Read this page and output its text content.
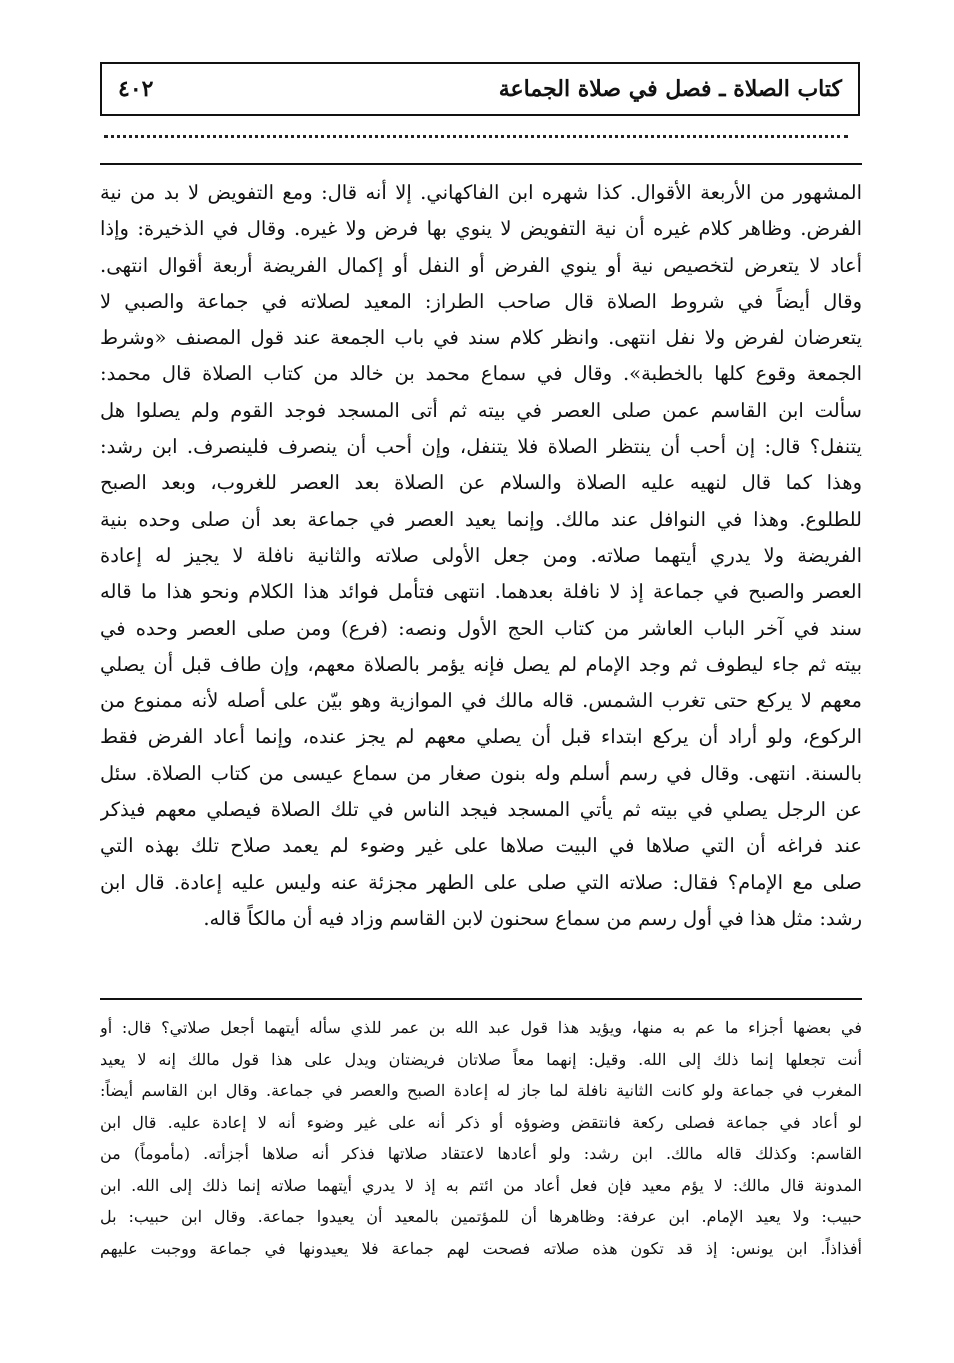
٤٠٢	كتاب الصلاة ـ فصل في صلاة الجماعة
المشهور من الأربعة الأقوال. كذا شهره ابن الفاكهاني. إلا أنه قال: ومع التفويض لا بد من نية
الفرض. وظاهر كلام غيره أن نية التفويض لا ينوي بها فرض ولا غيره. وقال في الذخيرة: وإذا
أعاد لا يتعرض لتخصيص نية أو ينوي الفرض أو النفل أو إكمال الفريضة أربعة أقوال انتهى.
وقال أيضاً في شروط الصلاة قال صاحب الطراز: المعيد لصلاته في جماعة والصبي لا
يتعرضان لفرض ولا نفل انتهى. وانظر كلام سند في باب الجمعة عند قول المصنف «وشرط
الجمعة وقوع كلها بالخطبة». وقال في سماع محمد بن خالد من كتاب الصلاة قال محمد:
سألت ابن القاسم عمن صلى العصر في بيته ثم أتى المسجد فوجد القوم ولم يصلوا هل
يتنفل؟ قال: إن أحب أن ينتظر الصلاة فلا يتنفل، وإن أحب أن ينصرف فلينصرف. ابن رشد:
وهذا كما قال لنهيه عليه الصلاة والسلام عن الصلاة بعد العصر للغروب، وبعد الصبح
للطلوع. وهذا في النوافل عند مالك. وإنما يعيد العصر في جماعة بعد أن صلى وحده بنية
الفريضة ولا يدري أيتهما صلاته. ومن جعل الأولى صلاته والثانية نافلة لا يجيز له إعادة
العصر والصبح في جماعة إذ لا نافلة بعدهما. انتهى فتأمل فوائد هذا الكلام ونحو هذا ما قاله
سند في آخر الباب العاشر من كتاب الحج الأول ونصه: (فرع) ومن صلى العصر وحده في
بيته ثم جاء ليطوف ثم وجد الإمام لم يصل فإنه يؤمر بالصلاة معهم، وإن طاف قبل أن يصلي
معهم لا يركع حتى تغرب الشمس. قاله مالك في الموازية وهو بيّن على أصله لأنه ممنوع من
الركوع، ولو أراد أن يركع ابتداء قبل أن يصلي معهم لم يجز عنده، وإنما أعاد الفرض فقط
بالسنة. انتهى. وقال في رسم أسلم وله بنون صغار من سماع عيسى من كتاب الصلاة. سئل
عن الرجل يصلي في بيته ثم يأتي المسجد فيجد الناس في تلك الصلاة فيصلي معهم فيذكر
عند فراغه أن التي صلاها في البيت صلاها على غير وضوء لم يعمد صلاح تلك بهذه التي
صلى مع الإمام؟ فقال: صلاته التي صلى على الطهر مجزئة عنه وليس عليه إعادة. قال ابن
رشد: مثل هذا في أول رسم من سماع سحنون لابن القاسم وزاد فيه أن مالكاً قاله.
في بعضها أجزاء ما عم به منها، ويؤيد هذا قول عبد الله بن عمر للذي سأله أيتهما أجعل صلاتي؟ قال: أو
أنت تجعلها إنما ذلك إلى الله. وقيل: إنهما معاً صلاتان فريضتان ويدل على هذا قول مالك إنه لا يعيد
المغرب في جماعة ولو كانت الثانية نافلة لما جاز له إعادة الصبح والعصر في جماعة. وقال ابن القاسم أيضاً:
لو أعاد في جماعة فصلى ركعة فانتقض وضوؤه أو ذكر أنه على غير وضوء أنه لا إعادة عليه. قال ابن
القاسم: وكذلك قاله مالك. ابن رشد: ولو أعادها لاعتقاد صلاتها فذكر أنه صلاها أجزأته. (مأموماً) من
المدونة قال مالك: لا يؤم معيد فإن فعل أعاد من ائتم به إذ لا يدري أيتهما صلاته إنما ذلك إلى الله. ابن
حبيب: ولا يعيد الإمام. ابن عرفة: وظاهرها أن للمؤتمين بالمعيد أن يعيدوا جماعة. وقال ابن حبيب: بل
أفذاذاً. ابن يونس: إذ قد تكون هذه صلاته فصحت لهم جماعة فلا يعيدونها في جماعة ووجبت عليهم
